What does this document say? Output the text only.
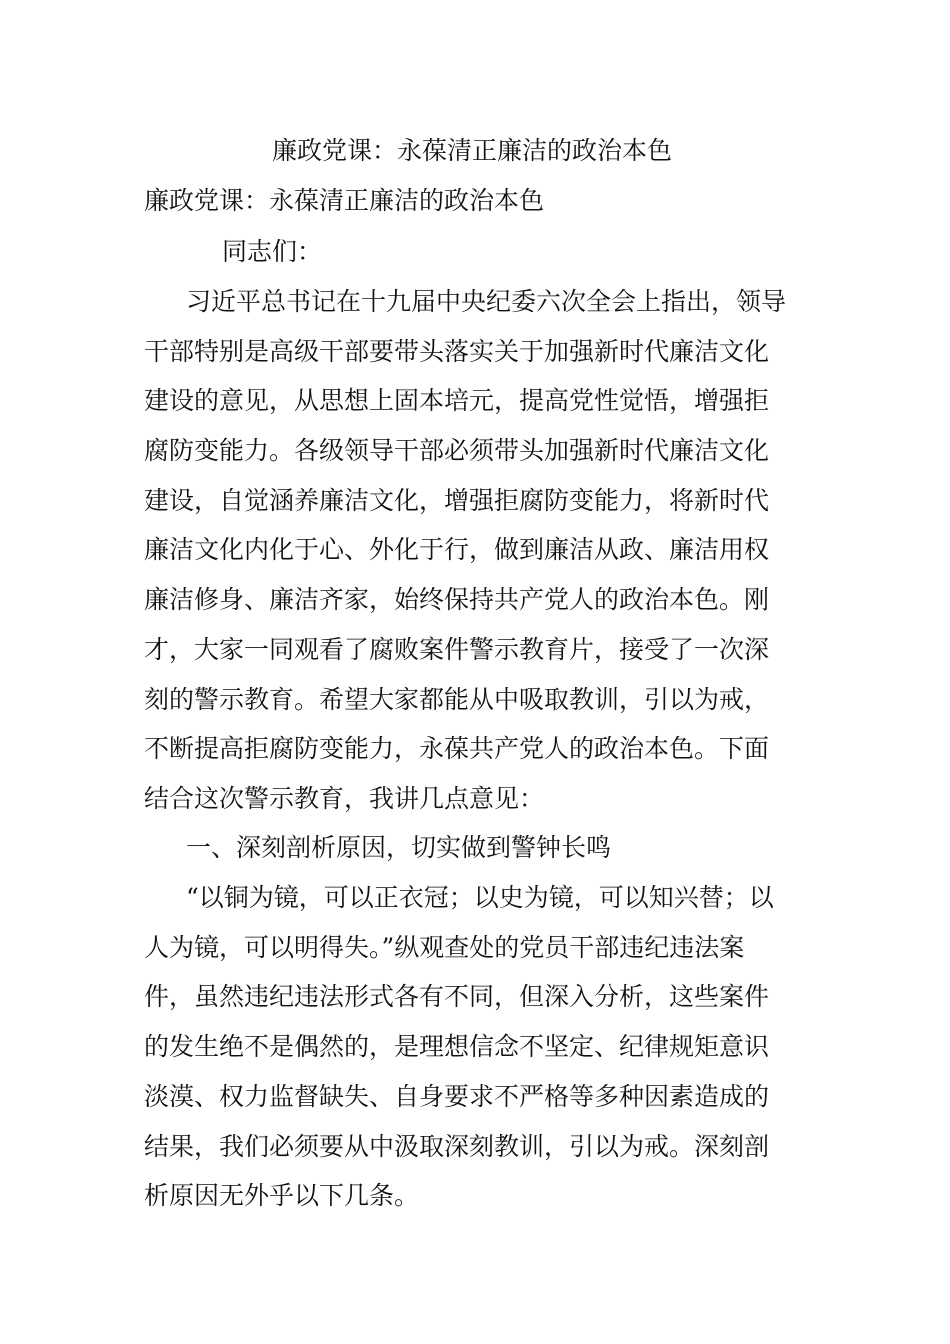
廉政党课：永葆清正廉洁的政治本色
廉政党课：永葆清正廉洁的政治本色
同志们：
习近平总书记在十九届中央纪委六次全会上指出，领导
干部特别是高级干部要带头落实关于加强新时代廉洁文化
建设的意见，从思想上固本培元，提高党性觉悟，增强拒
腐防变能力。各级领导干部必须带头加强新时代廉洁文化
建设，自觉涵养廉洁文化，增强拒腐防变能力，将新时代
廉洁文化内化于心、外化于行，做到廉洁从政、廉洁用权
廉洁修身、廉洁齐家，始终保持共产党人的政治本色。刚
才，大家一同观看了腐败案件警示教育片，接受了一次深
刻的警示教育。希望大家都能从中吸取教训，引以为戒，
不断提高拒腐防变能力，永葆共产党人的政治本色。下面
结合这次警示教育，我讲几点意见：
一、深刻剖析原因，切实做到警钟长鸣
“以铜为镜，可以正衣冠；以史为镜，可以知兴替；以
人为镜，可以明得失。”纵观查处的党员干部违纪违法案
件，虽然违纪违法形式各有不同，但深入分析，这些案件
的发生绝不是偶然的，是理想信念不坚定、纪律规矩意识
淡漠、权力监督缺失、自身要求不严格等多种因素造成的
结果，我们必须要从中汲取深刻教训，引以为戒。深刻剖
析原因无外乎以下几条。
